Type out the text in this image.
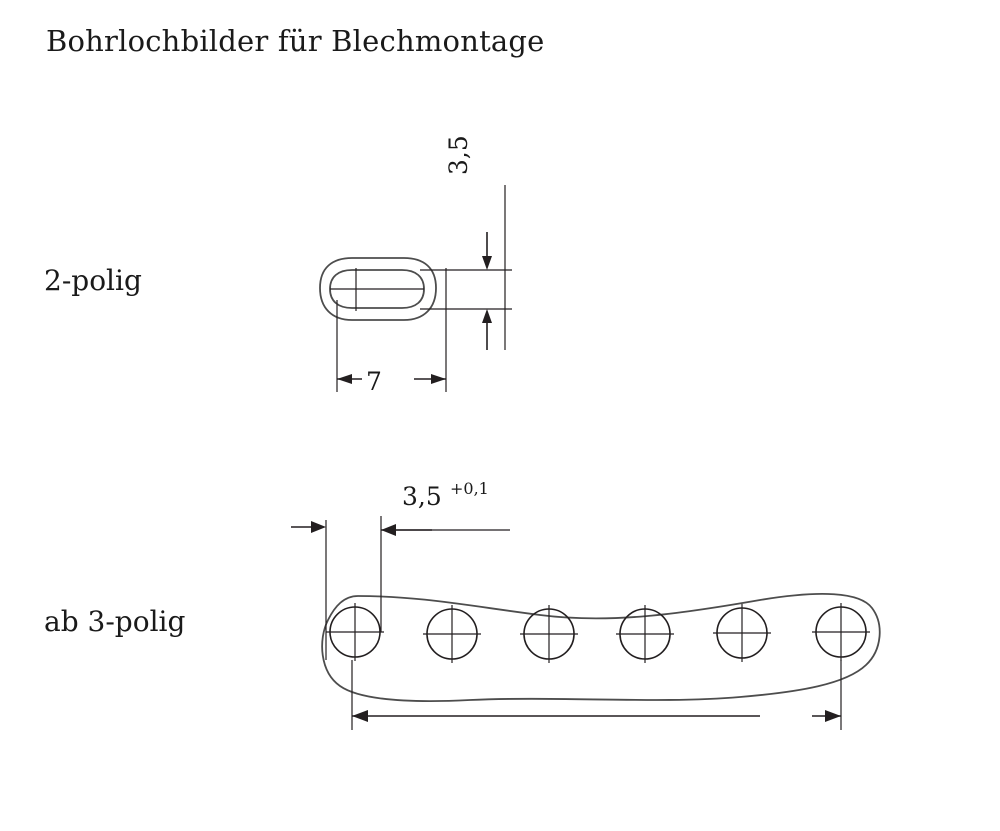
Bohrlochbilder für Blechmontage
2-polig
ab 3-polig
3,5
7
3,5 +0,1
